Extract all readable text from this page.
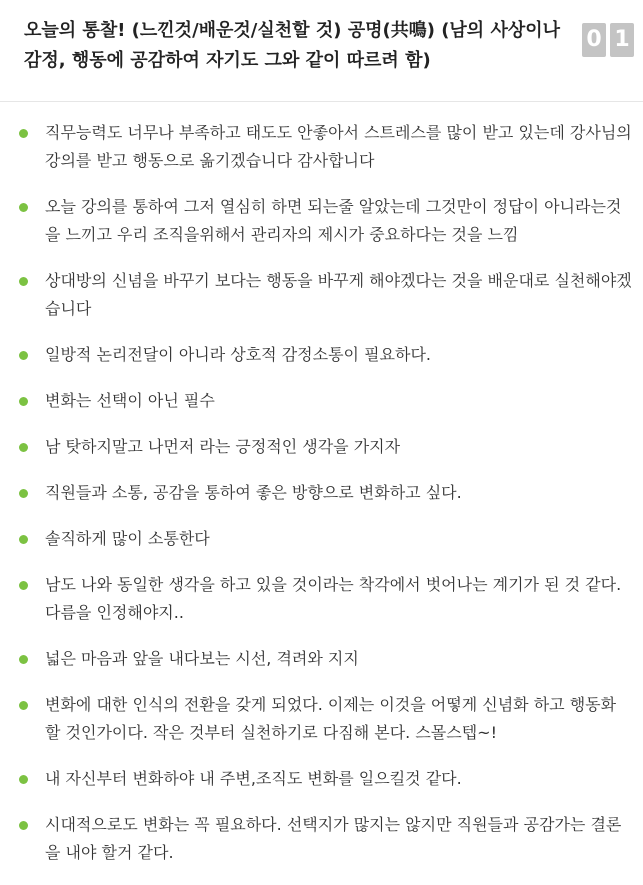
오늘의 통찰! (느낀것/배운것/실천할 것) 공명(共鳴) (남의 사상이나 감정, 행동에 공감하여 자기도 그와 같이 따르려 함)
0 1
직무능력도 너무나 부족하고 태도도 안좋아서 스트레스를 많이 받고 있는데 강사님의 강의를 받고 행동으로 옮기겠습니다 감사합니다
오늘 강의를 통하여 그저 열심히 하면 되는줄 알았는데 그것만이 정답이 아니라는것을 느끼고 우리 조직을위해서 관리자의 제시가 중요하다는 것을 느낌
상대방의 신념을 바꾸기 보다는 행동을 바꾸게 해야겠다는 것을 배운대로 실천해야겠습니다
일방적 논리전달이 아니라 상호적 감정소통이 필요하다.
변화는 선택이 아닌 필수
남 탓하지말고 나먼저 라는 긍정적인 생각을 가지자
직원들과 소통, 공감을 통하여 좋은 방향으로 변화하고 싶다.
솔직하게 많이 소통한다
남도 나와 동일한 생각을 하고 있을 것이라는 착각에서 벗어나는 계기가 된 것 같다. 다름을 인정해야지..
넓은 마음과 앞을 내다보는 시선, 격려와 지지
변화에 대한 인식의 전환을 갖게 되었다. 이제는 이것을 어떻게 신념화 하고 행동화 할 것인가이다. 작은 것부터 실천하기로 다짐해 본다. 스몰스텝~!
내 자신부터 변화하야 내 주변,조직도 변화를 일으킬것 같다.
시대적으로도 변화는 꼭 필요하다. 선택지가 많지는 않지만 직원들과 공감가는 결론을 내야 할거 같다.
